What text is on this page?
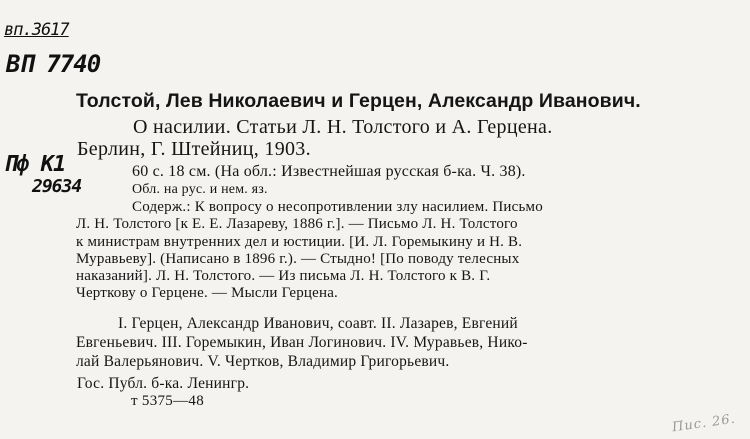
вп.3617
ВП 7740
Пф К1
29634
Толстой, Лев Николаевич и Герцен, Александр Иванович.
О насилии. Статьи Л. Н. Толстого и А. Герцена.
Берлин, Г. Штейниц, 1903.
60 с. 18 см. (На обл.: Известнейшая русская б-ка. Ч. 38).
Обл. на рус. и нем. яз.

Содерж.: К вопросу о несопротивлении злу насилием. Письмо

Л. Н. Толстого [к Е. Е. Лазареву, 1886 г.]. — Письмо Л. Н. Толстого

к министрам внутренних дел и юстиции. [И. Л. Горемыкину и Н. В.

Муравьеву]. (Написано в 1896 г.). — Стыдно! [По поводу телесных

наказаний]. Л. Н. Толстого. — Из письма Л. Н. Толстого к В. Г.

Черткову о Герцене. — Мысли Герцена.

I. Герцен, Александр Иванович, соавт. II. Лазарев, Евгений

Евгеньевич. III. Горемыкин, Иван Логинович. IV. Муравьев, Нико-

лай Валерьянович. V. Чертков, Владимир Григорьевич.

Гос. Публ. б-ка. Ленингр.
т 5375—48
Пис. 26.
